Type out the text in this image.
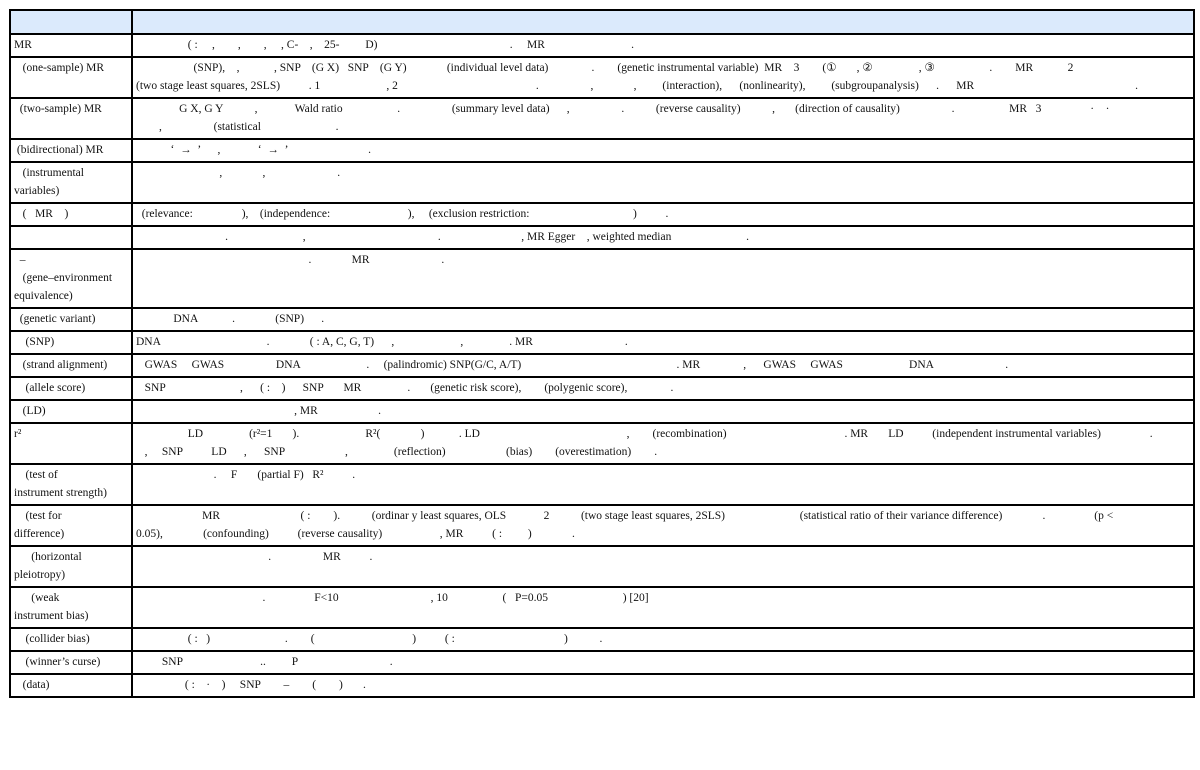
MR	( :     ,        ,        ,     , C-    ,    25-         D)                                              .     MR                              .
(one-sample) MR	(SNP),    ,            , SNP    (G X)   SNP    (G Y)              (individual level data)               .        (genetic instrumental variable)  MR    3        (①       , ②                , ③                   .        MR            2
(two stage least squares, 2SLS)          . 1                       , 2                                                .                  ,              ,         (interaction),      (nonlinearity),         (subgroupanalysis)      .      MR                                                        .
(two-sample) MR	G X, G Y           ,             Wald ratio                   .                  (summary level data)      ,                  .           (reverse causality)           ,       (direction of causality)                  .                   MR   3                 ·    ·
,                  (statistical                          .
(bidirectional) MR	‘  →  ’      ,             ‘  →  ’                            .
(instrumental
variables)	,              ,                         .
(   MR    )	(relevance:                 ),    (independence:                           ),     (exclusion restriction:                                    )          .
	.                          ,                                              .                            , MR Egger    , weighted median                          .
–
(gene–environment
equivalence)	.              MR                         .
(genetic variant)	DNA            .              (SNP)      .
(SNP)	DNA                                     .              ( : A, C, G, T)      ,                       ,                . MR                                .
(strand alignment)	GWAS     GWAS                  DNA                       .     (palindromic) SNP(G/C, A/T)                                                      . MR               ,      GWAS     GWAS                       DNA                         .
(allele score)	SNP                          ,      ( :    )      SNP       MR                .       (genetic risk score),        (polygenic score),               .
(LD)	, MR                     .
r²	LD                (r²=1       ).                       R²(              )            . LD                                                   ,        (recombination)                                         . MR       LD          (independent instrumental variables)                 .
,     SNP          LD      ,      SNP                     ,                (reflection)                     (bias)        (overestimation)        .
(test of
instrument strength)	.     F       (partial F)   R²          .
(test for
difference)	MR                            ( :        ).           (ordinar y least squares, OLS             2           (two stage least squares, 2SLS)                          (statistical ratio of their variance difference)              .                 (p <
0.05),              (confounding)          (reverse causality)                    , MR          ( :         )              .
(horizontal
pleiotropy)	.                  MR          .
(weak
instrument bias)	.                 F<10                                , 10                   (   P=0.05                          ) [20]
(collider bias)	( :   )                          .        (                                  )          ( :                                      )           .
(winner’s curse)	SNP                           ..         P                                .
(data)	( :    ·    )     SNP        –        (        )       .
